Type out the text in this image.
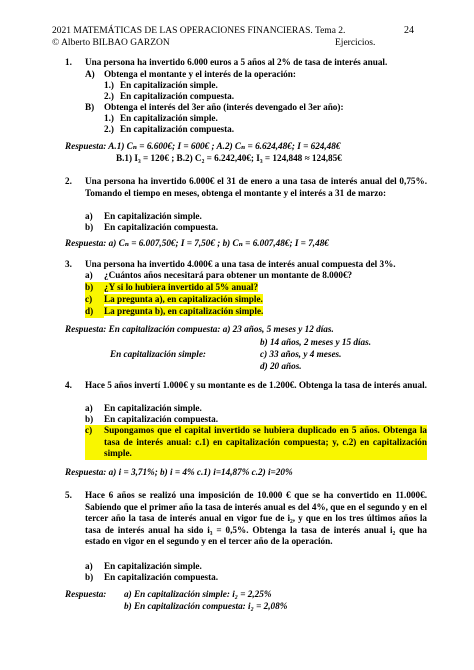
2021 MATEMÁTICAS DE LAS OPERACIONES FINANCIERAS. Tema 2.	24
© Alberto BILBAO GARZON	Ejercicios.
1. Una persona ha invertido 6.000 euros a 5 años al 2% de tasa de interés anual.
A) Obtenga el montante y el interés de la operación:
1.) En capitalización simple.
2.) En capitalización compuesta.
B) Obtenga el interés del 3er año (interés devengado el 3er año):
1.) En capitalización simple.
2.) En capitalización compuesta.
Respuesta: A.1) Cₙ = 6.600€; I = 600€ ; A.2) Cₙ = 6.624,48€; I = 624,48€
B.1) I₃ = 120€ ; B.2) C₂ = 6.242,40€; I₃ = 124,848 ≈ 124,85€
2. Una persona ha invertido 6.000€ el 31 de enero a una tasa de interés anual del 0,75%. Tomando el tiempo en meses, obtenga el montante y el interés a 31 de marzo:
a) En capitalización simple.
b) En capitalización compuesta.
Respuesta: a) Cₙ = 6.007,50€; I = 7,50€ ; b) Cₙ = 6.007,48€; I = 7,48€
3. Una persona ha invertido 4.000€ a una tasa de interés anual compuesta del 3%.
a) ¿Cuántos años necesitará para obtener un montante de 8.000€?
b) ¿Y si lo hubiera invertido al 5% anual?
c) La pregunta a), en capitalización simple.
d) La pregunta b), en capitalización simple.
Respuesta: En capitalización compuesta: a) 23 años, 5 meses y 12 días.
b) 14 años, 2 meses y 15 días.
En capitalización simple:	c) 33 años, y 4 meses.
d) 20 años.
4. Hace 5 años invertí 1.000€ y su montante es de 1.200€. Obtenga la tasa de interés anual.
a) En capitalización simple.
b) En capitalización compuesta.
c) Supongamos que el capital invertido se hubiera duplicado en 5 años. Obtenga la tasa de interés anual: c.1) en capitalización compuesta; y, c.2) en capitalización simple.
Respuesta: a) i = 3,71%; b) i = 4% c.1) i=14,87% c.2) i=20%
5. Hace 6 años se realizó una imposición de 10.000 € que se ha convertido en 11.000€. Sabiendo que el primer año la tasa de interés anual es del 4%, que en el segundo y en el tercer año la tasa de interés anual en vigor fue de i₂, y que en los tres últimos años la tasa de interés anual ha sido i₃ = 0,5%. Obtenga la tasa de interés anual i₂ que ha estado en vigor en el segundo y en el tercer año de la operación.
a) En capitalización simple.
b) En capitalización compuesta.
Respuesta: a) En capitalización simple: i₂ = 2,25%
b) En capitalización compuesta: i₂ = 2,08%
